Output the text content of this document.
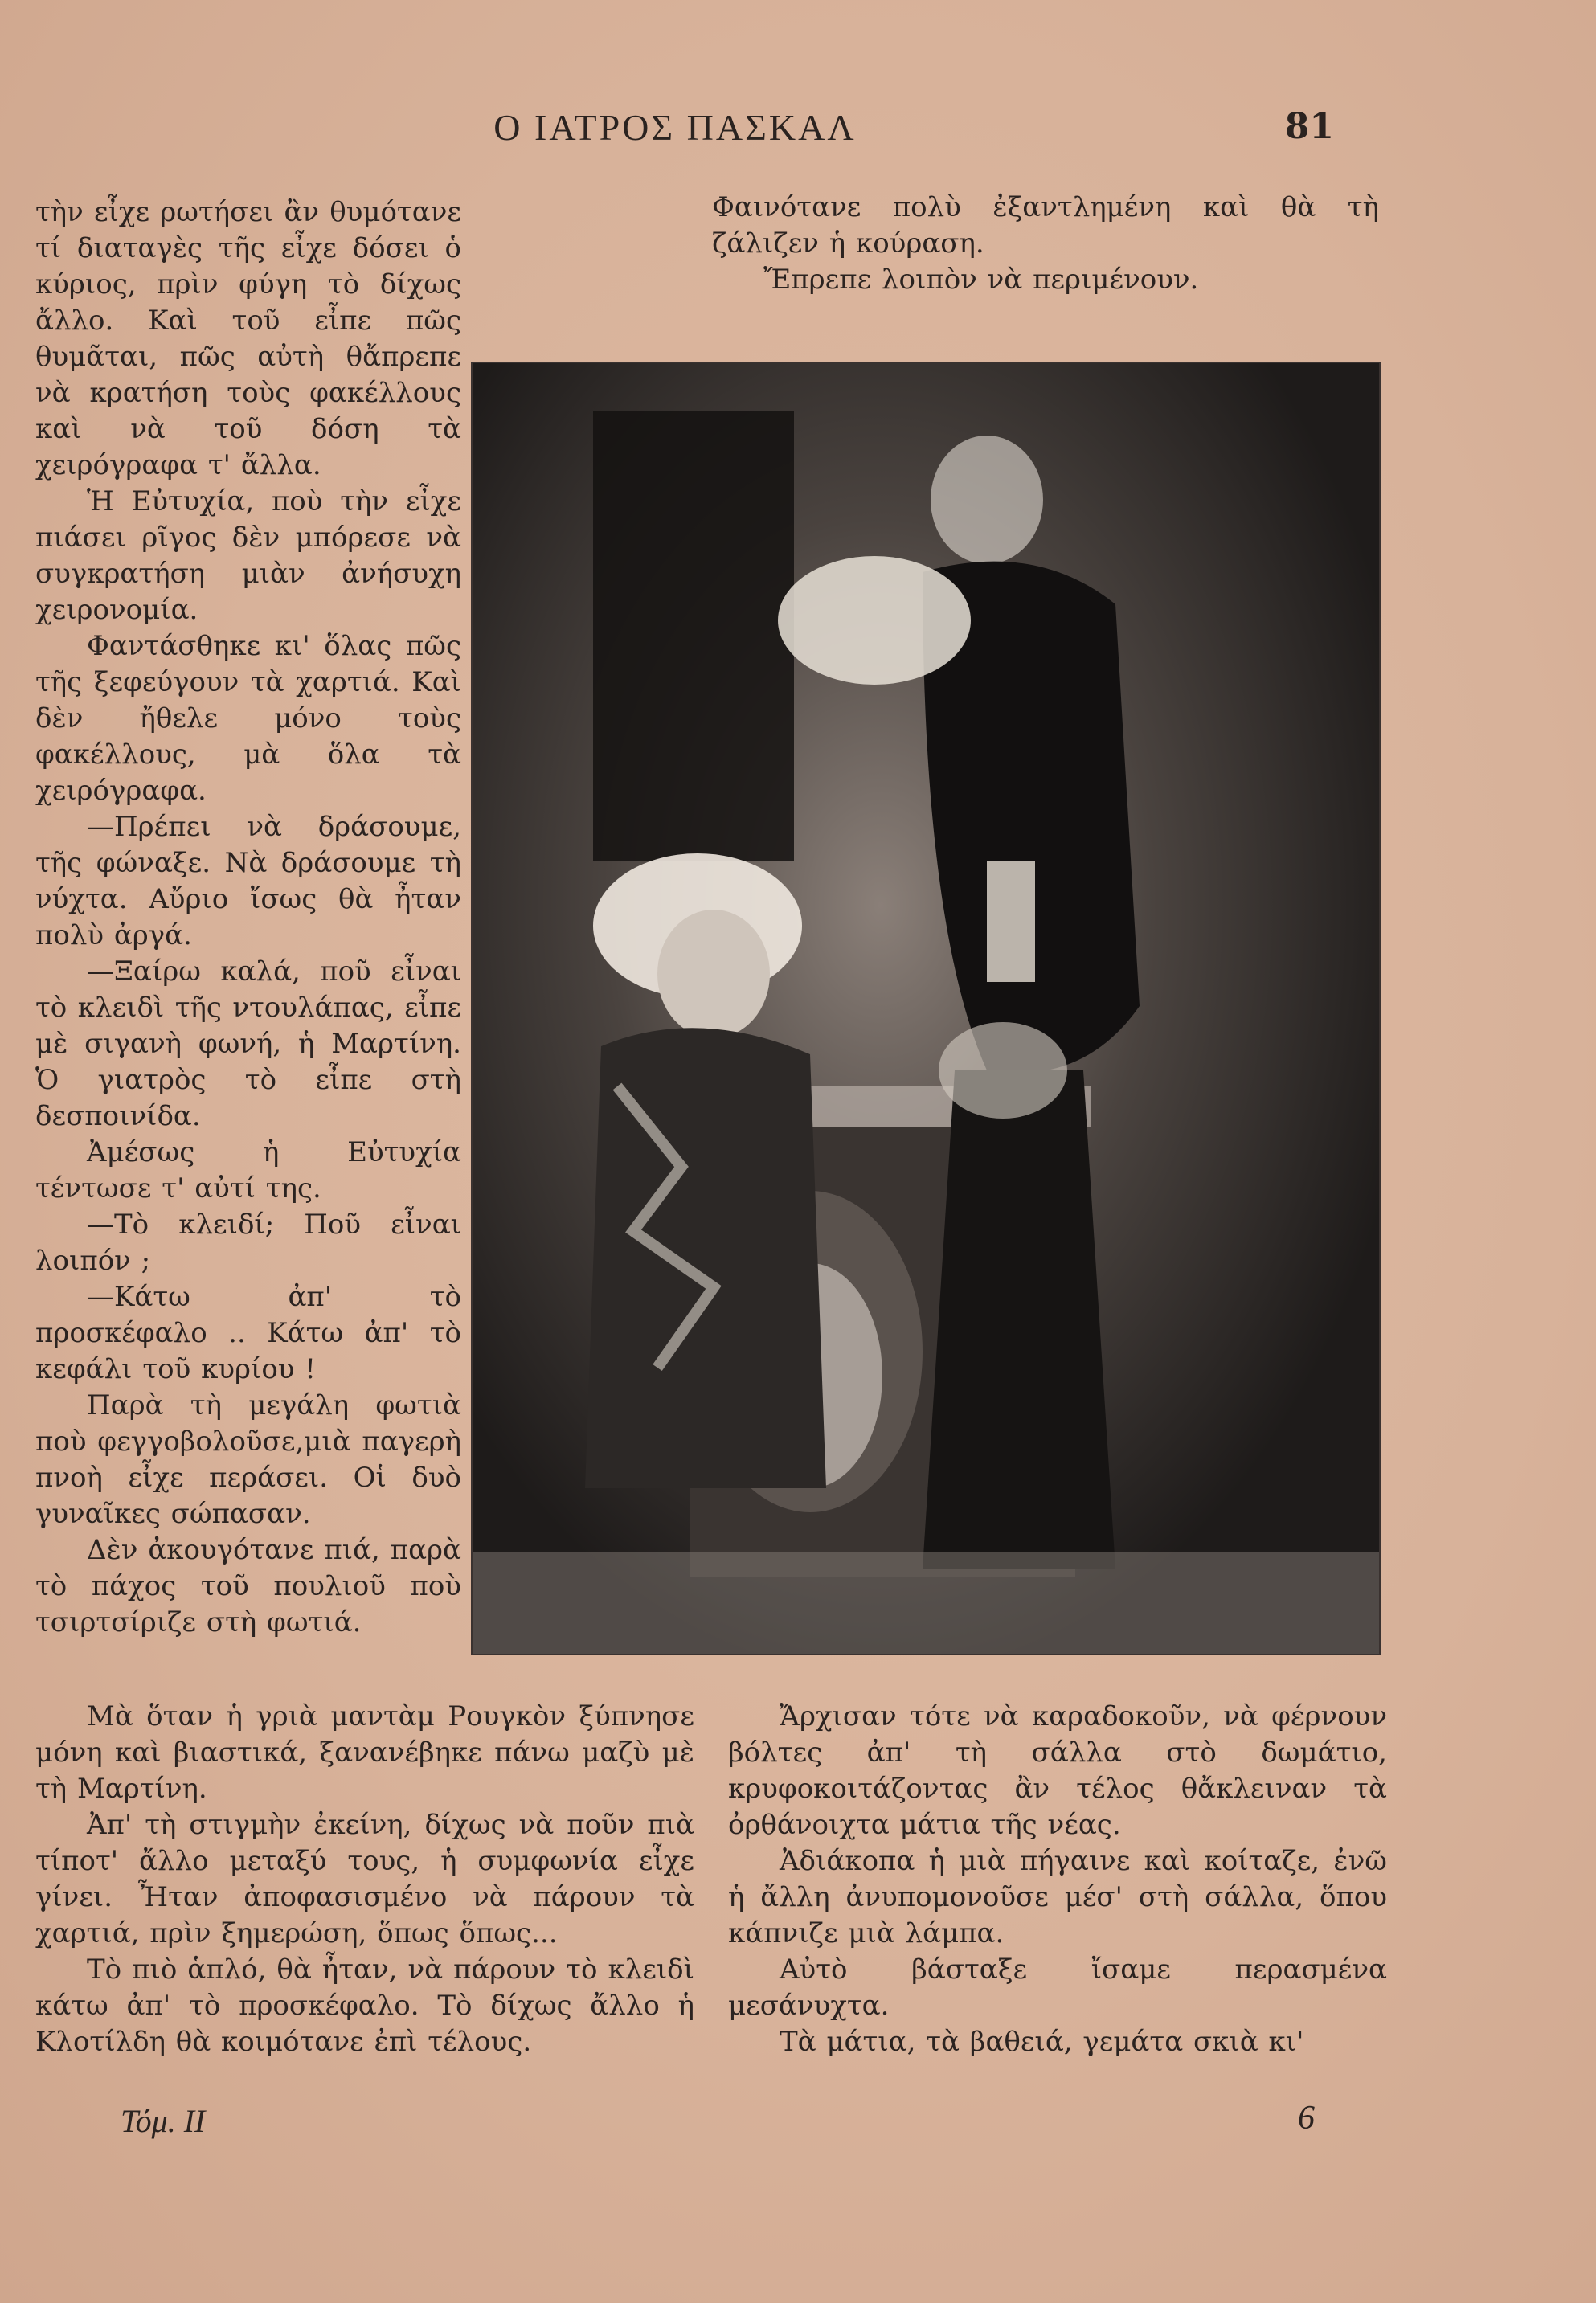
Ο ΙΑΤΡΟΣ ΠΑΣΚΑΛ	81

τὴν εἶχε ρωτήσει ἂν θυμότανε τί διαταγὲς τῆς εἶχε δόσει ὁ κύριος, πρὶν φύγη τὸ δίχως ἄλλο. Καὶ τοῦ εἶπε πῶς θυμᾶται, πῶς αὐτὴ θἄπρεπε νὰ κρατήση τοὺς φακέλλους καὶ νὰ τοῦ δόση τὰ χειρόγραφα τ' ἄλλα.

Ἡ Εὐτυχία, ποὺ τὴν εἶχε πιάσει ρῖγος δὲν μπόρεσε νὰ συγκρατήση μιὰν ἀνήσυχη χειρονομία.

Φαντάσθηκε κι' ὅλας πῶς τῆς ξεφεύγουν τὰ χαρτιά. Καὶ δὲν ἤθελε μόνο τοὺς φακέλλους, μὰ ὅλα τὰ χειρόγραφα.

—Πρέπει νὰ δράσουμε, τῆς φώναξε. Νὰ δράσουμε τὴ νύχτα. Αὔριο ἴσως θὰ ἦταν πολὺ ἀργά.

—Ξαίρω καλά, ποῦ εἶναι τὸ κλειδὶ τῆς ντουλάπας, εἶπε μὲ σιγανὴ φωνή, ἡ Μαρτίνη. Ὁ γιατρὸς τὸ εἶπε στὴ δεσποινίδα.

Ἀμέσως ἡ Εὐτυχία τέντωσε τ' αὐτί της.

—Τὸ κλειδί; Ποῦ εἶναι λοιπόν ;

—Κάτω ἀπ' τὸ προσκέφαλο .. Κάτω ἀπ' τὸ κεφάλι τοῦ κυρίου !

Παρὰ τὴ μεγάλη φωτιὰ ποὺ φεγγοβολοῦσε,μιὰ παγερὴ πνοὴ εἶχε περάσει. Οἱ δυὸ γυναῖκες σώπασαν.

Δὲν ἀκουγότανε πιά, παρὰ τὸ πάχος τοῦ πουλιοῦ ποὺ τσιρτσίριζε στὴ φωτιά.

Φαινότανε πολὺ ἐξαντλημένη καὶ θὰ τὴ ζάλιζεν ἡ κούραση.

Ἔπρεπε λοιπὸν νὰ περιμένουν.

Μὰ ὅταν ἡ γριὰ μαντὰμ Ρουγκὸν ξύπνησε μόνη καὶ βιαστικά, ξανανέβηκε πάνω μαζὺ μὲ τὴ Μαρτίνη.

Ἀπ' τὴ στιγμὴν ἐκείνη, δίχως νὰ ποῦν πιὰ τίποτ' ἄλλο μεταξύ τους, ἡ συμφωνία εἶχε γίνει. Ἦταν ἀποφασισμένο νὰ πάρουν τὰ χαρτιά, πρὶν ξημερώση, ὅπως ὅπως...

Τὸ πιὸ ἁπλό, θὰ ἦταν, νὰ πάρουν τὸ κλειδὶ κάτω ἀπ' τὸ προσκέφαλο. Τὸ δίχως ἄλλο ἡ Κλοτίλδη θὰ κοιμότανε ἐπὶ τέλους.

Ἄρχισαν τότε νὰ καραδοκοῦν, νὰ φέρνουν βόλτες ἀπ' τὴ σάλλα στὸ δωμάτιο, κρυφοκοιτάζοντας ἂν τέλος θἄκλειναν τὰ ὀρθάνοιχτα μάτια τῆς νέας.

Ἀδιάκοπα ἡ μιὰ πήγαινε καὶ κοίταζε, ἐνῶ ἡ ἄλλη ἀνυπομονοῦσε μέσ' στὴ σάλλα, ὅπου κάπνιζε μιὰ λάμπα.

Αὐτὸ βάσταξε ἴσαμε περασμένα μεσάνυχτα.

Τὰ μάτια, τὰ βαθειά, γεμάτα σκιὰ κι'

Τόμ. ΙΙ	6
